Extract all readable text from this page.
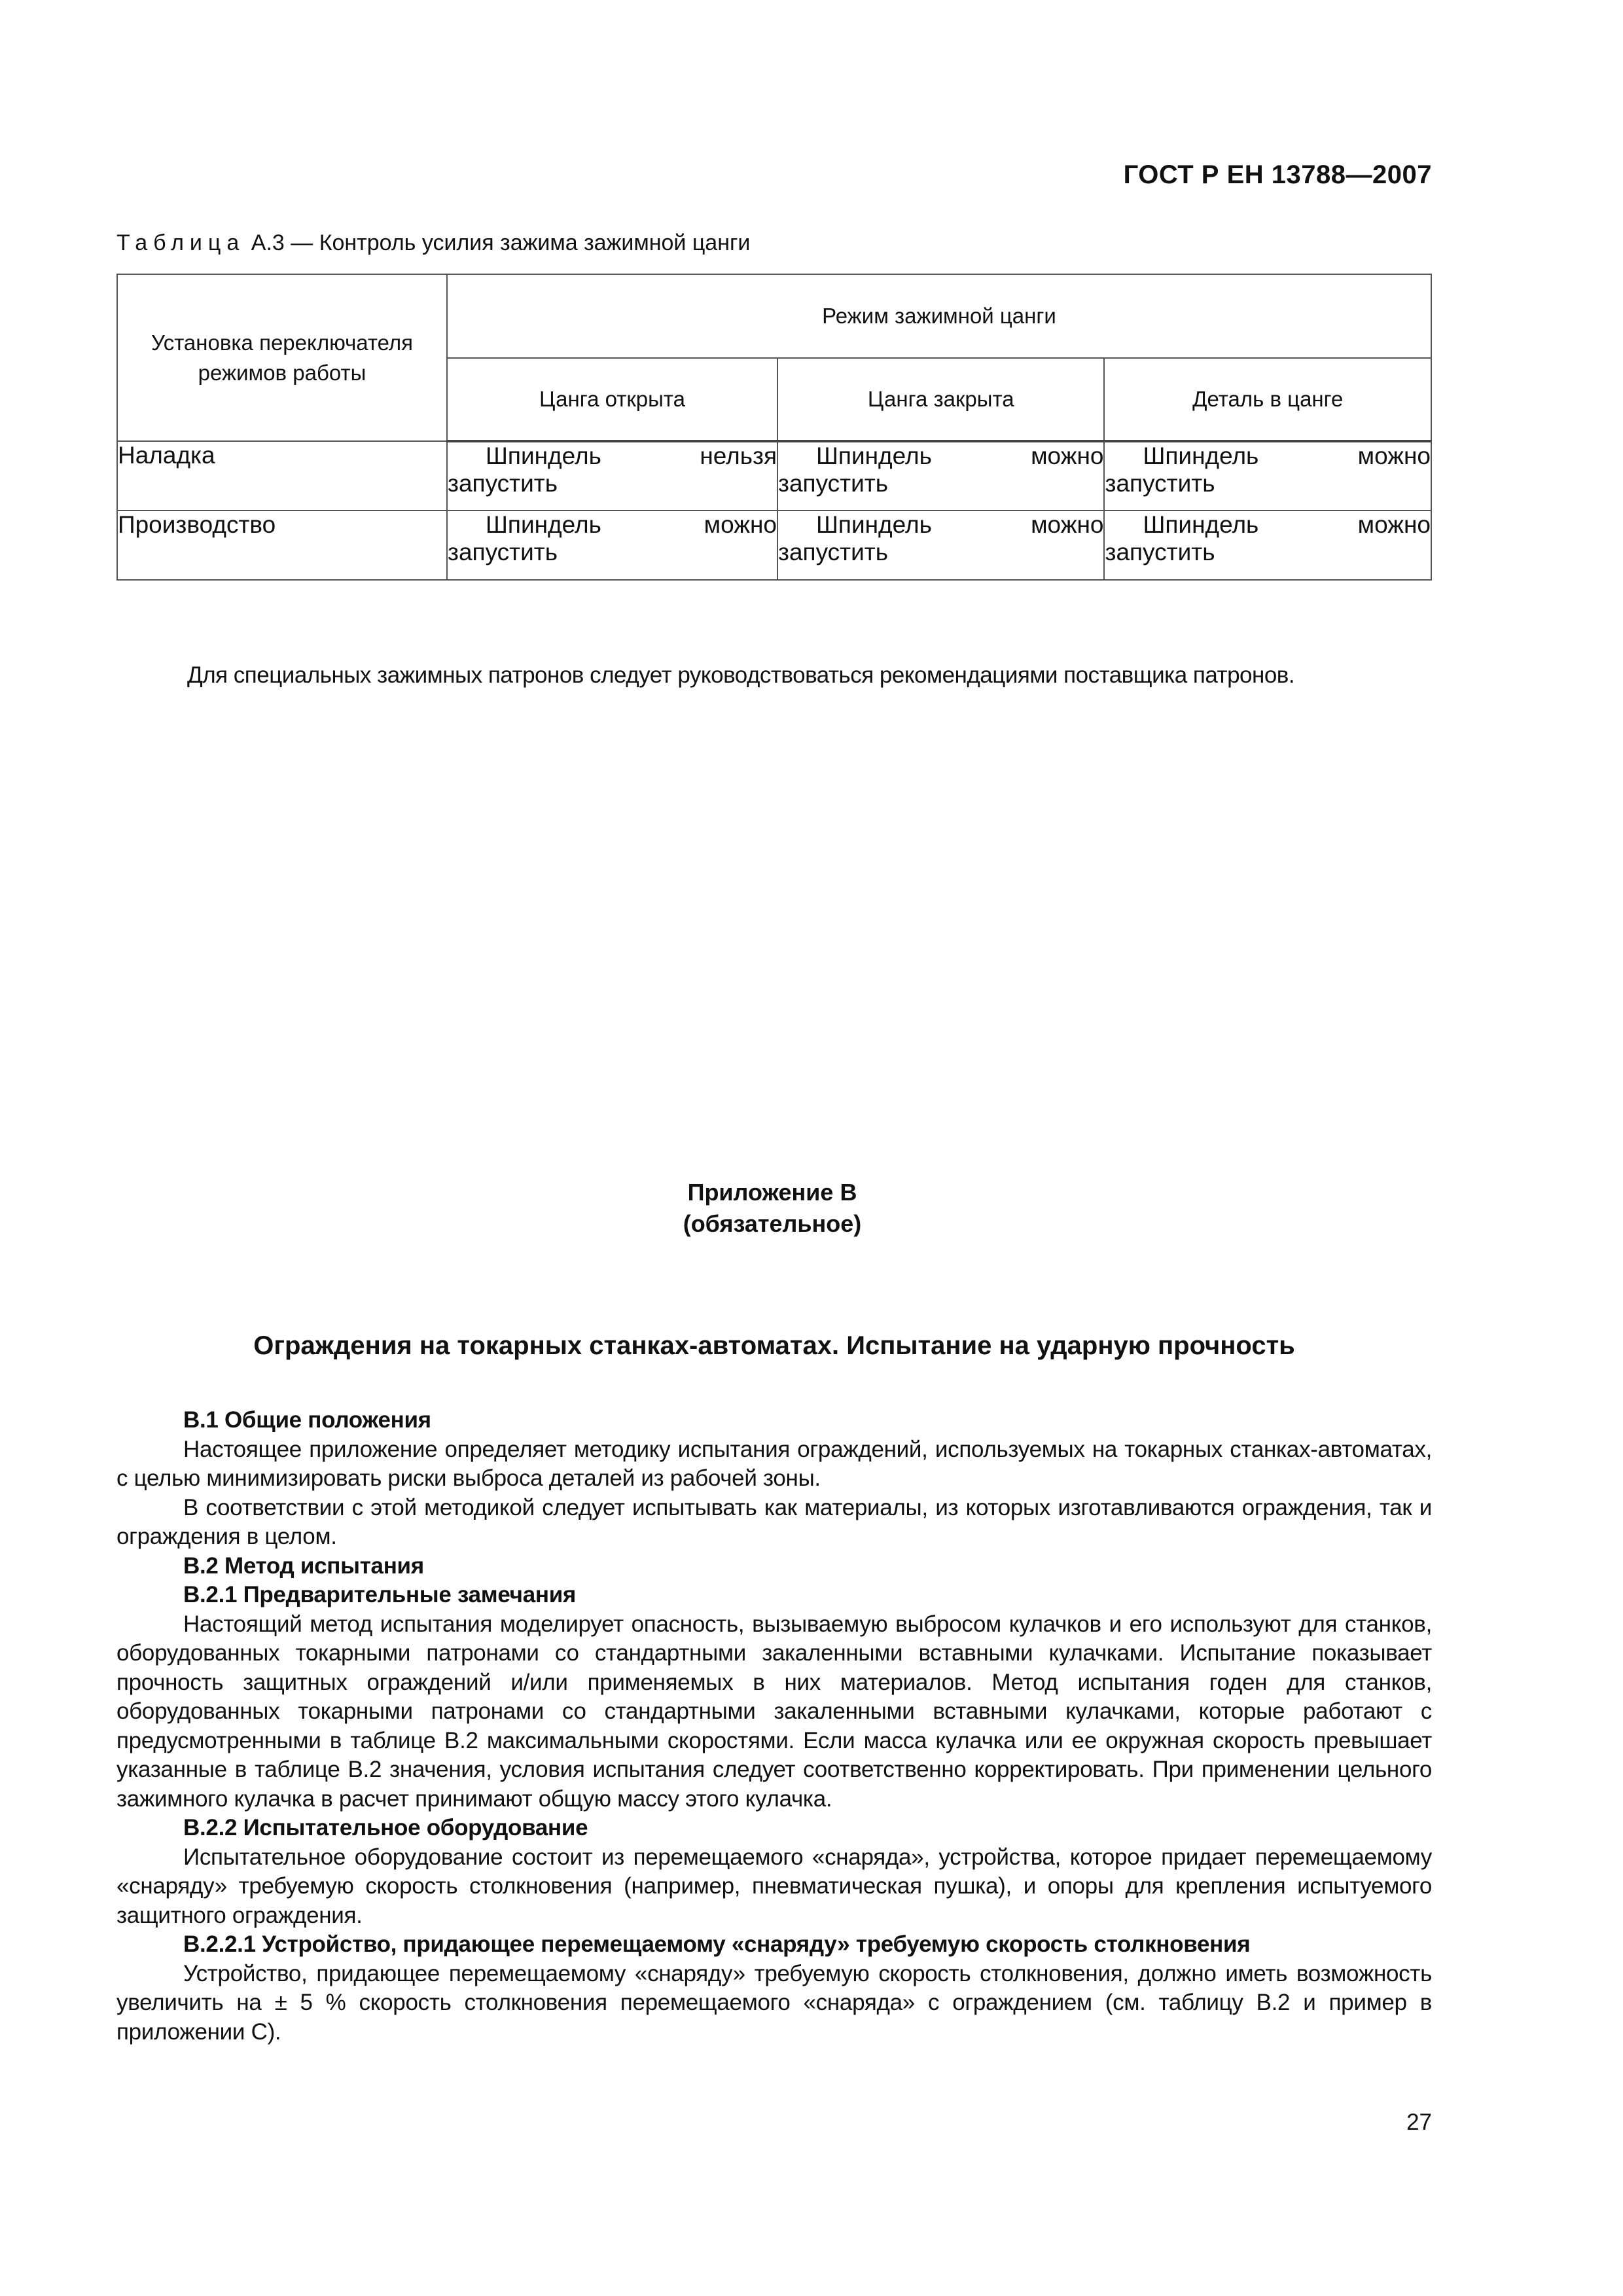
ГОСТ Р ЕН 13788—2007
Таблица А.3 — Контроль усилия зажима зажимной цанги
Установка переключателя режимов работы	Режим зажимной цанги		
	Цанга открыта	Цанга закрыта	Деталь в цанге
Наладка	Шпиндель нельзя запустить	Шпиндель можно запустить	Шпиндель можно запустить

Производство	Шпиндель можно запустить	Шпиндель можно запустить	Шпиндель можно запустить
Для специальных зажимных патронов следует руководствоваться рекомендациями поставщика патронов.
Приложение В
(обязательное)
Ограждения на токарных станках-автоматах. Испытание на ударную прочность
В.1 Общие положения
Настоящее приложение определяет методику испытания ограждений, используемых на токарных станках-автоматах, с целью минимизировать риски выброса деталей из рабочей зоны.
В соответствии с этой методикой следует испытывать как материалы, из которых изготавливаются ограждения, так и ограждения в целом.
В.2 Метод испытания
В.2.1 Предварительные замечания
Настоящий метод испытания моделирует опасность, вызываемую выбросом кулачков и его используют для станков, оборудованных токарными патронами со стандартными закаленными вставными кулачками. Испытание показывает прочность защитных ограждений и/или применяемых в них материалов. Метод испытания годен для станков, оборудованных токарными патронами со стандартными закаленными вставными кулачками, которые работают с предусмотренными в таблице В.2 максимальными скоростями. Если масса кулачка или ее окружная скорость превышает указанные в таблице В.2 значения, условия испытания следует соответственно корректировать. При применении цельного зажимного кулачка в расчет принимают общую массу этого кулачка.
В.2.2 Испытательное оборудование
Испытательное оборудование состоит из перемещаемого «снаряда», устройства, которое придает перемещаемому «снаряду» требуемую скорость столкновения (например, пневматическая пушка), и опоры для крепления испытуемого защитного ограждения.
В.2.2.1 Устройство, придающее перемещаемому «снаряду» требуемую скорость столкновения
Устройство, придающее перемещаемому «снаряду» требуемую скорость столкновения, должно иметь возможность увеличить на ± 5 % скорость столкновения перемещаемого «снаряда» с ограждением (см. таблицу В.2 и пример в приложении С).
27
